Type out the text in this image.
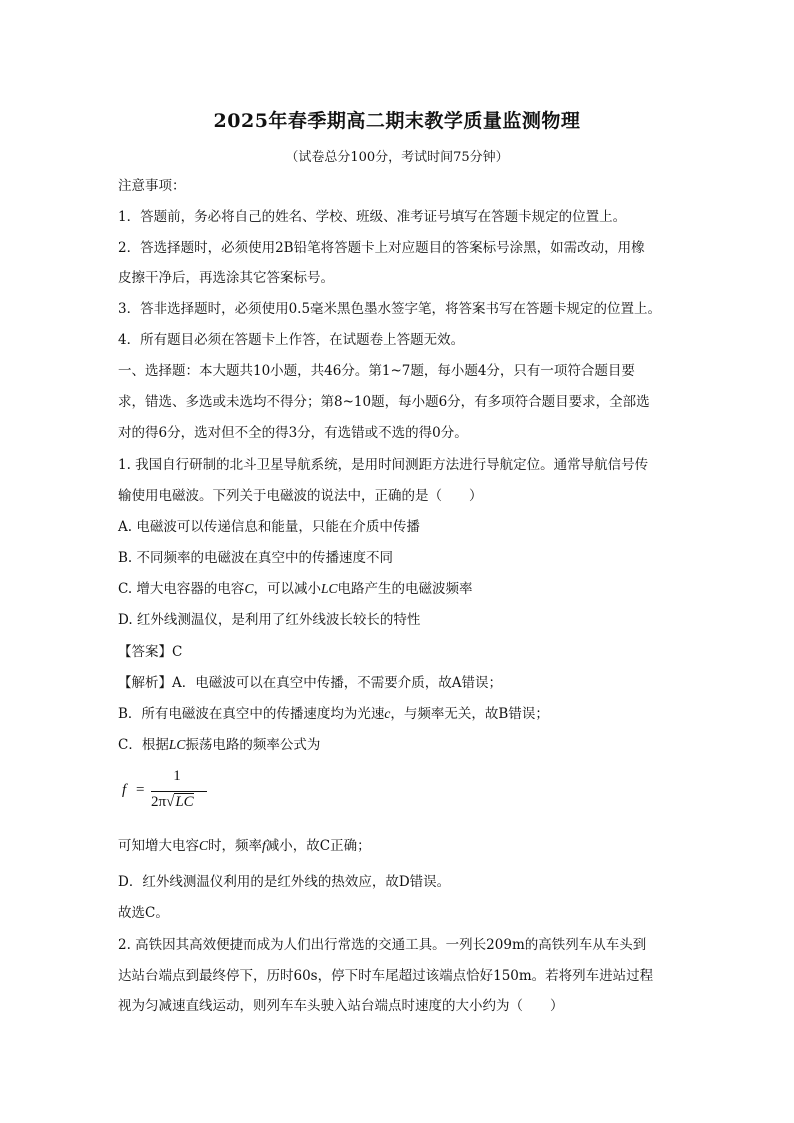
2025年春季期高二期末教学质量监测物理
（试卷总分100分，考试时间75分钟）
注意事项：
1．答题前，务必将自己的姓名、学校、班级、准考证号填写在答题卡规定的位置上。
2．答选择题时，必须使用2B铅笔将答题卡上对应题目的答案标号涂黑，如需改动，用橡
皮擦干净后，再选涂其它答案标号。
3．答非选择题时，必须使用0.5毫米黑色墨水签字笔，将答案书写在答题卡规定的位置上。
4．所有题目必须在答题卡上作答，在试题卷上答题无效。
一、选择题：本大题共10小题，共46分。第1~7题，每小题4分，只有一项符合题目要
求，错选、多选或未选均不得分；第8~10题，每小题6分，有多项符合题目要求，全部选
对的得6分，选对但不全的得3分，有选错或不选的得0分。
1. 我国自行研制的北斗卫星导航系统，是用时间测距方法进行导航定位。通常导航信号传
输使用电磁波。下列关于电磁波的说法中，正确的是（　　）
A. 电磁波可以传递信息和能量，只能在介质中传播
B. 不同频率的电磁波在真空中的传播速度不同
C. 增大电容器的电容C，可以减小LC电路产生的电磁波频率
D. 红外线测温仪，是利用了红外线波长较长的特性
【答案】C
【解析】A．电磁波可以在真空中传播，不需要介质，故A错误；
B．所有电磁波在真空中的传播速度均为光速c，与频率无关，故B错误；
C．根据LC振荡电路的频率公式为
f =
1
2π√LC
可知增大电容C时，频率f减小，故C正确；
D．红外线测温仪利用的是红外线的热效应，故D错误。
故选C。
2. 高铁因其高效便捷而成为人们出行常选的交通工具。一列长209m的高铁列车从车头到
达站台端点到最终停下，历时60s，停下时车尾超过该端点恰好150m。若将列车进站过程
视为匀减速直线运动，则列车车头驶入站台端点时速度的大小约为（　　）
